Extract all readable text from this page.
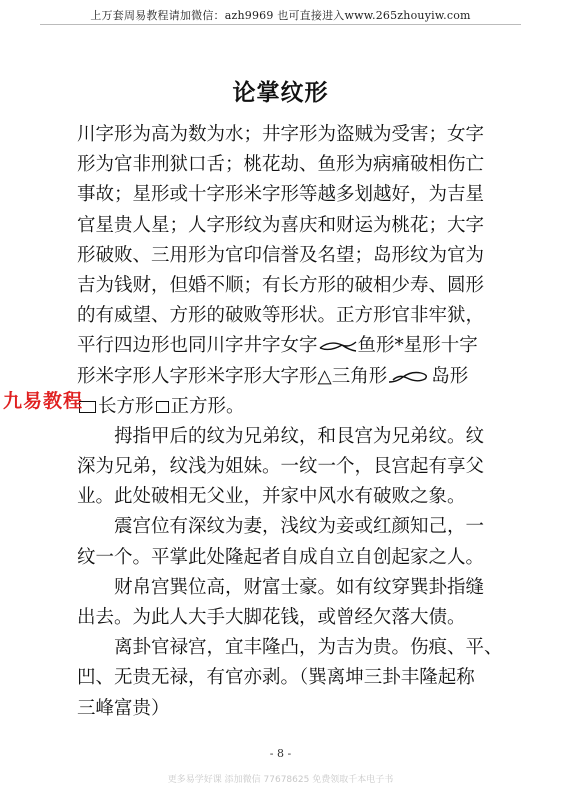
上万套周易教程请加微信：azh9969 也可直接进入www.265zhouyiw.com
论掌纹形
川字形为高为数为水；井字形为盗贼为受害；女字
形为官非刑狱口舌；桃花劫、鱼形为病痛破相伤亡
事故；星形或十字形米字形等越多划越好，为吉星
官星贵人星；人字形纹为喜庆和财运为桃花；大字
形破败、三用形为官印信誉及名望；岛形纹为官为
吉为钱财，但婚不顺；有长方形的破相少寿、圆形
的有威望、方形的破败等形状。正方形官非牢狱，
平行四边形也同川字井字女字 鱼形*星形十字
形米字形人字形米字形大字形△三角形 岛形
长方形 正方形。
拇指甲后的纹为兄弟纹，和艮宫为兄弟纹。纹
深为兄弟，纹浅为姐妹。一纹一个，艮宫起有享父
业。此处破相无父业，并家中风水有破败之象。
震宫位有深纹为妻，浅纹为妾或红颜知己，一
纹一个。平掌此处隆起者自成自立自创起家之人。
财帛宫巽位高，财富士豪。如有纹穿巽卦指缝
出去。为此人大手大脚花钱，或曾经欠落大债。
离卦官禄宫，宜丰隆凸，为吉为贵。伤痕、平、
凹、无贵无禄，有官亦剥。（巽离坤三卦丰隆起称
三峰富贵）
九易教程
- 8 -
更多易学好课 添加微信 77678625 免费领取千本电子书
